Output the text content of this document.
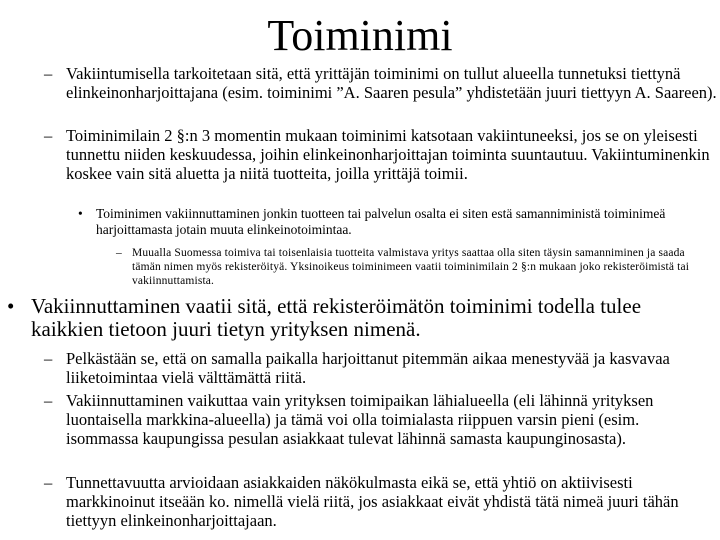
Toiminimi
– Vakiintumisella tarkoitetaan sitä, että yrittäjän toiminimi on tullut alueella tunnetuksi tiettynä elinkeinonharjoittajana (esim. toiminimi ”A. Saaren pesula” yhdistetään juuri tiettyyn A. Saareen).
– Toiminimilain 2 §:n 3 momentin mukaan toiminimi katsotaan vakiintuneeksi, jos se on yleisesti tunnettu niiden keskuudessa, joihin elinkeinonharjoittajan toiminta suuntautuu. Vakiintuminenkin koskee vain sitä aluetta ja niitä tuotteita, joilla yrittäjä toimii.
• Toiminimen vakiinnuttaminen jonkin tuotteen tai palvelun osalta ei siten estä samanniministä toiminimeä harjoittamasta jotain muuta elinkeinotoimintaa.
– Muualla Suomessa toimiva tai toisenlaisia tuotteita valmistava yritys saattaa olla siten täysin samanniminen ja saada tämän nimen myös rekisteröityä. Yksinoikeus toiminimeen vaatii toiminimilain 2 §:n mukaan joko rekisteröimistä tai vakiinnuttamista.
• Vakiinnuttaminen vaatii sitä, että rekisteröimätön toiminimi todella tulee kaikkien tietoon juuri tietyn yrityksen nimenä.
– Pelkästään se, että on samalla paikalla harjoittanut pitemmän aikaa menestyvää ja kasvavaa liiketoimintaa vielä välttämättä riitä.
– Vakiinnuttaminen vaikuttaa vain yrityksen toimipaikan lähialueella (eli lähinnä yrityksen luontaisella markkina-alueella) ja tämä voi olla toimialasta riippuen varsin pieni (esim. isommassa kaupungissa pesulan asiakkaat tulevat lähinnä samasta kaupunginosasta).
– Tunnettavuutta arvioidaan asiakkaiden näkökulmasta eikä se, että yhtiö on aktiivisesti markkinoinut itseään ko. nimellä vielä riitä, jos asiakkaat eivät yhdistä tätä nimeä juuri tähän tiettyyn elinkeinonharjoittajaan.
